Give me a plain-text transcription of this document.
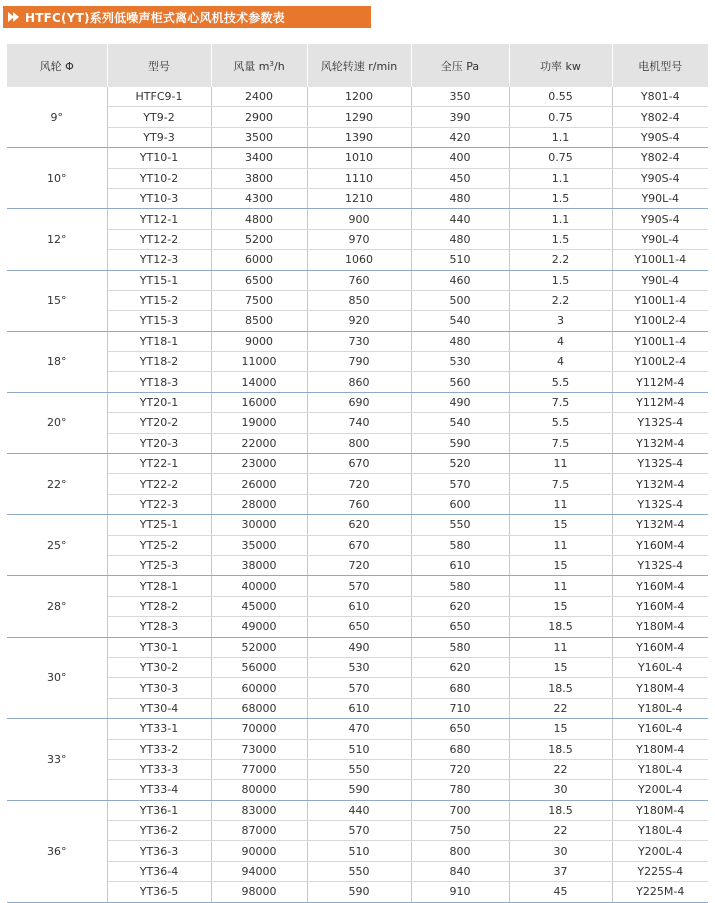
HTFC(YT)系列低噪声柜式离心风机技术参数表
风轮 Φ	型号	风量 $m^3/h$	风轮转速 r/min	全压 Pa	功率 kw	电机型号
9°	HTFC9-1	2400	1200	350	0.55	Y801-4
	YT9-2	2900	1290	390	0.75	Y802-4
	YT9-3	3500	1390	420	1.1	Y90S-4
10°	YT10-1	3400	1010	400	0.75	Y802-4
	YT10-2	3800	1110	450	1.1	Y90S-4
	YT10-3	4300	1210	480	1.5	Y90L-4
12°	YT12-1	4800	900	440	1.1	Y90S-4
	YT12-2	5200	970	480	1.5	Y90L-4
	YT12-3	6000	1060	510	2.2	Y100L1-4
15°	YT15-1	6500	760	460	1.5	Y90L-4
	YT15-2	7500	850	500	2.2	Y100L1-4
	YT15-3	8500	920	540	3	Y100L2-4
18°	YT18-1	9000	730	480	4	Y100L1-4
	YT18-2	11000	790	530	4	Y100L2-4
	YT18-3	14000	860	560	5.5	Y112M-4
20°	YT20-1	16000	690	490	7.5	Y112M-4
	YT20-2	19000	740	540	5.5	Y132S-4
	YT20-3	22000	800	590	7.5	Y132M-4
22°	YT22-1	23000	670	520	11	Y132S-4
	YT22-2	26000	720	570	7.5	Y132M-4
	YT22-3	28000	760	600	11	Y132S-4
25°	YT25-1	30000	620	550	15	Y132M-4
	YT25-2	35000	670	580	11	Y160M-4
	YT25-3	38000	720	610	15	Y132S-4
28°	YT28-1	40000	570	580	11	Y160M-4
	YT28-2	45000	610	620	15	Y160M-4
	YT28-3	49000	650	650	18.5	Y180M-4
30°	YT30-1	52000	490	580	11	Y160M-4
	YT30-2	56000	530	620	15	Y160L-4
	YT30-3	60000	570	680	18.5	Y180M-4
	YT30-4	68000	610	710	22	Y180L-4
33°	YT33-1	70000	470	650	15	Y160L-4
	YT33-2	73000	510	680	18.5	Y180M-4
	YT33-3	77000	550	720	22	Y180L-4
	YT33-4	80000	590	780	30	Y200L-4
36°	YT36-1	83000	440	700	18.5	Y180M-4
	YT36-2	87000	570	750	22	Y180L-4
	YT36-3	90000	510	800	30	Y200L-4
	YT36-4	94000	550	840	37	Y225S-4
	YT36-5	98000	590	910	45	Y225M-4
